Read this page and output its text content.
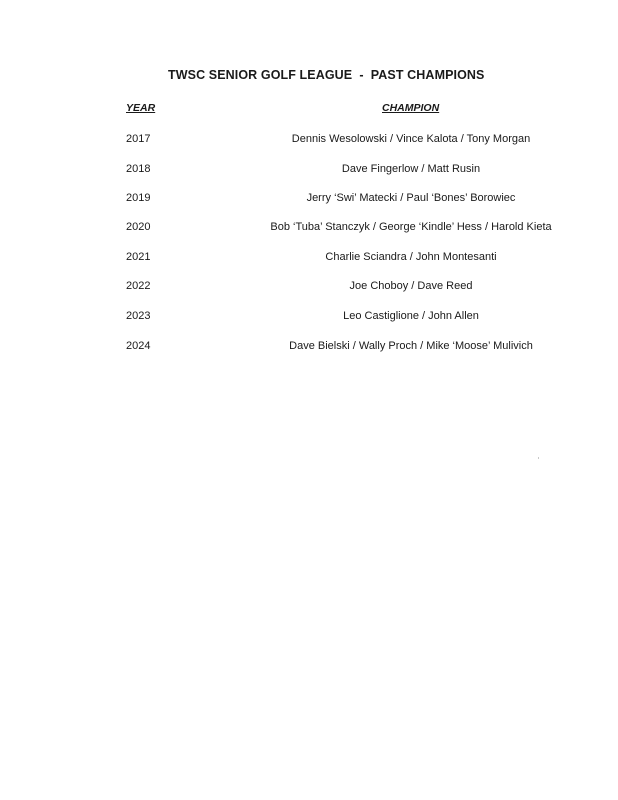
TWSC SENIOR GOLF LEAGUE  -  PAST CHAMPIONS
YEAR	CHAMPION
2017	Dennis Wesolowski / Vince Kalota / Tony Morgan
2018	Dave Fingerlow / Matt Rusin
2019	Jerry ‘Swi’ Matecki / Paul ‘Bones’ Borowiec
2020	Bob ‘Tuba’ Stanczyk / George ‘Kindle’ Hess / Harold Kieta
2021	Charlie Sciandra / John Montesanti
2022	Joe Choboy / Dave Reed
2023	Leo Castiglione / John Allen
2024	Dave Bielski / Wally Proch / Mike ‘Moose’ Mulivich
